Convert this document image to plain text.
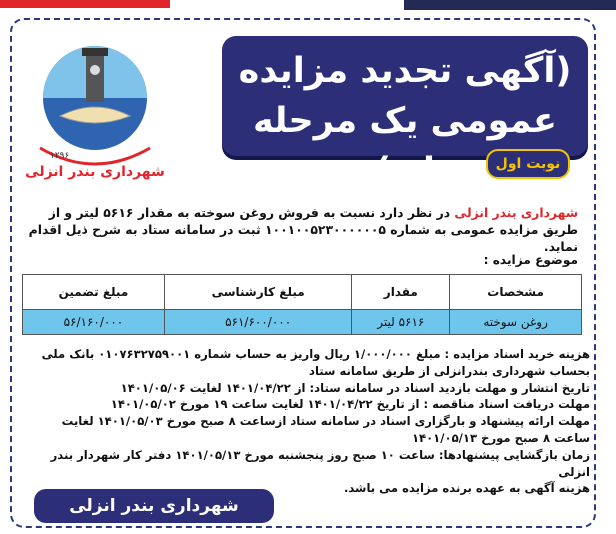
۱۲۹۶
شهرداری بندر انزلی
(آگهی تجدید مزایده
عمومی یک مرحله ای)	نوبت اول
شهرداری بندر انزلی در نظر دارد نسبت به فروش روغن سوخته به مقدار ۵۶۱۶ لیتر و از طریق مزایده عمومی به شماره ۱۰۰۱۰۰۵۲۳۰۰۰۰۰۰۵ ثبت در سامانه ستاد به شرح ذیل اقدام نماید.
موضوع مزایده :
مشخصات	مقدار	مبلغ کارشناسی	مبلغ تضمین
روغن سوخته	۵۶۱۶ لیتر	۵۶۱/۶۰۰/۰۰۰	۵۶/۱۶۰/۰۰۰

هزینه خرید اسناد مزایده : مبلغ ۱/۰۰۰/۰۰۰ ریال واریز به حساب شماره ۰۱۰۷۶۳۲۷۵۹۰۰۱ بانک ملی بحساب شهرداری بندرانزلی از طریق سامانه ستاد

تاریخ انتشار و مهلت بازدید اسناد در سامانه ستاد: از ۱۴۰۱/۰۴/۲۲ لغایت ۱۴۰۱/۰۵/۰۶

مهلت دریافت اسناد مناقصه : از تاریخ ۱۴۰۱/۰۴/۲۲ لغایت ساعت ۱۹ مورخ ۱۴۰۱/۰۵/۰۲

مهلت ارائه پیشنهاد و بارگزاری اسناد در سامانه ستاد ازساعت ۸ صبح مورخ ۱۴۰۱/۰۵/۰۳ لغایت ساعت ۸ صبح مورخ ۱۴۰۱/۰۵/۱۳

زمان بازگشایی پیشنهادها: ساعت ۱۰ صبح روز پنجشنبه مورخ ۱۴۰۱/۰۵/۱۳ دفتر کار شهردار بندر انزلی

هزینه آگهی به عهده برنده مزایده می باشد.

شهرداری بندر انزلی
